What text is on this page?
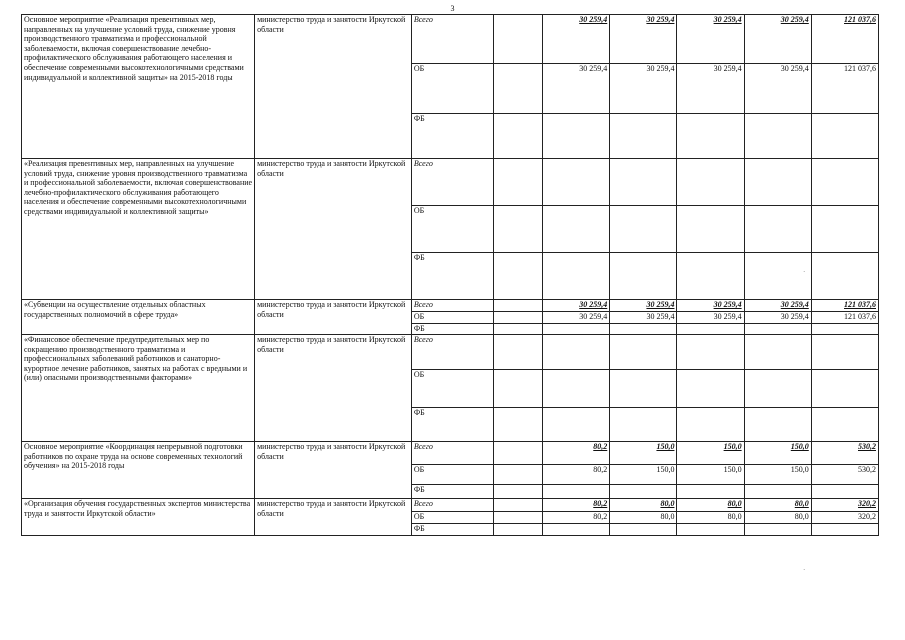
3
Основное мероприятие «Реализация превентивных мер, направленных на улучшение условий труда, снижение уровня производственного травматизма и профессиональной заболеваемости, включая совершенствование лечебно-профилактического обслуживания работающего населения и обеспечение современными высокотехнологичными средствами индивидуальной и коллективной защиты» на 2015-2018 годы	министерство труда и занятости Иркутской области	Всего		30 259,4	30 259,4	30 259,4	30 259,4	121 037,6
		ОБ		30 259,4	30 259,4	30 259,4	30 259,4	121 037,6
		ФБ						
«Реализация превентивных мер, направленных на улучшение условий труда, снижение уровня производственного травматизма и профессиональной заболеваемости, включая совершенствование лечебно-профилактического обслуживания работающего населения и обеспечение современными высокотехнологичными средствами индивидуальной и коллективной защиты»	министерство труда и занятости Иркутской области	Всего						
		ОБ						
		ФБ						
«Субвенции на осуществление отдельных областных государственных полномочий в сфере труда»	министерство труда и занятости Иркутской области	Всего		30 259,4	30 259,4	30 259,4	30 259,4	121 037,6
		ОБ		30 259,4	30 259,4	30 259,4	30 259,4	121 037,6
		ФБ						
«Финансовое обеспечение предупредительных мер по сокращению производственного травматизма и профессиональных заболеваний работников и санаторно-курортное лечение работников, занятых на работах с вредными и (или) опасными производственными факторами»	министерство труда и занятости Иркутской области	Всего						
		ОБ						
		ФБ						
Основное мероприятие «Координация непрерывной подготовки работников по охране труда на основе современных технологий обучения» на 2015-2018 годы	министерство труда и занятости Иркутской области	Всего		80,2	150,0	150,0	150,0	530,2
		ОБ		80,2	150,0	150,0	150,0	530,2
		ФБ						
«Организация обучения государственных экспертов министерства труда и занятости Иркутской области»	министерство труда и занятости Иркутской области	Всего		80,2	80,0	80,0	80,0	320,2
		ОБ		80,2	80,0	80,0	80,0	320,2
		ФБ						
·
·
